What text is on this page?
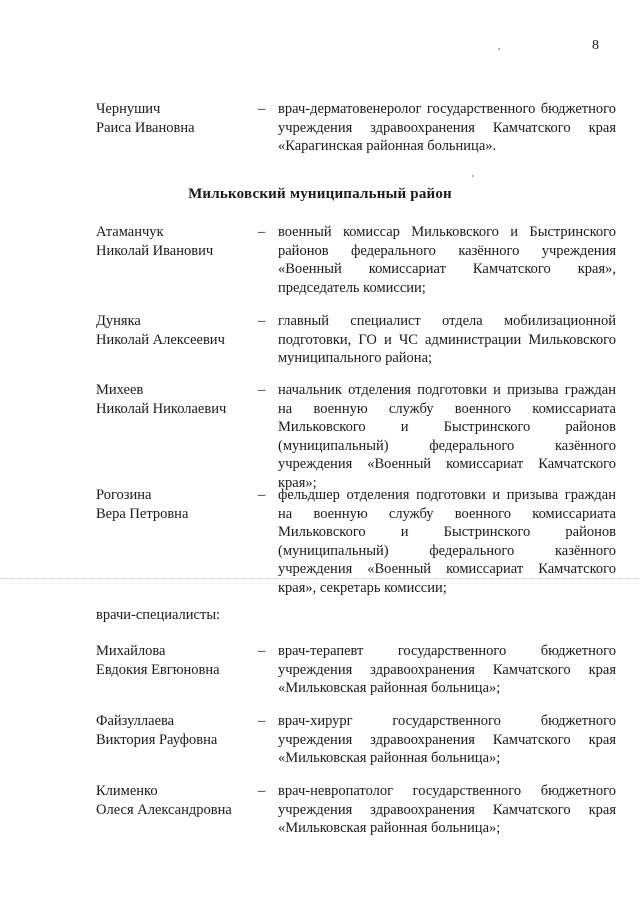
8
Чернушич
Раиса Ивановна
– врач-дерматовенеролог государственного бюджетного учреждения здравоохранения Камчатского края «Карагинская районная больница».
Мильковский муниципальный район
Атаманчук
Николай Иванович
– военный комиссар Мильковского и Быстринского районов федерального казённого учреждения «Военный комиссариат Камчатского края», председатель комиссии;
Дуняка
Николай Алексеевич
– главный специалист отдела мобилизационной подготовки, ГО и ЧС администрации Мильковского муниципального района;
Михеев
Николай Николаевич
– начальник отделения подготовки и призыва граждан на военную службу военного комиссариата Мильковского и Быстринского районов (муниципальный) федерального казённого учреждения «Военный комиссариат Камчатского края»;
Рогозина
Вера Петровна
– фельдшер отделения подготовки и призыва граждан на военную службу военного комиссариата Мильковского и Быстринского районов (муниципальный) федерального казённого учреждения «Военный комиссариат Камчатского края», секретарь комиссии;
врачи-специалисты:
Михайлова
Евдокия Евгюновна
– врач-терапевт государственного бюджетного учреждения здравоохранения Камчатского края «Мильковская районная больница»;
Файзуллаева
Виктория Рауфовна
– врач-хирург государственного бюджетного учреждения здравоохранения Камчатского края «Мильковская районная больница»;
Клименко
Олеся Александровна
– врач-невропатолог государственного бюджетного учреждения здравоохранения Камчатского края «Мильковская районная больница»;
